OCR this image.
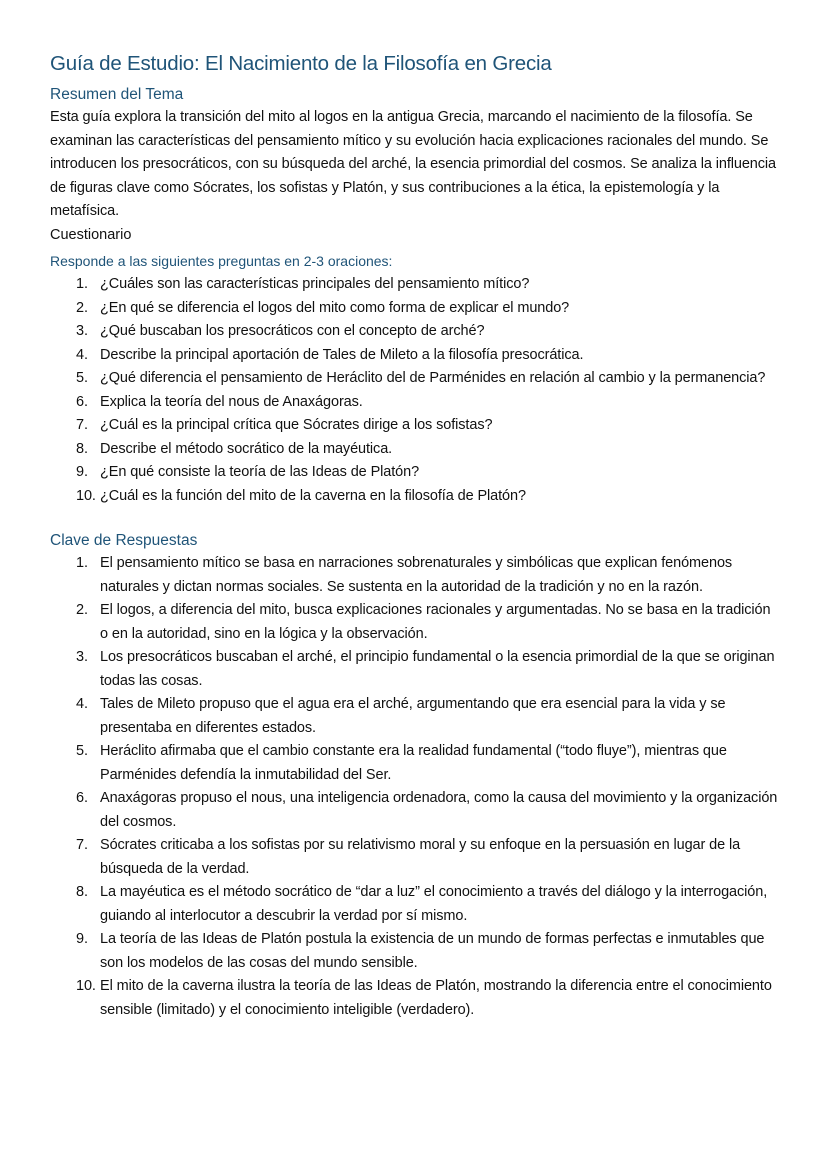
Guía de Estudio: El Nacimiento de la Filosofía en Grecia
Resumen del Tema

Esta guía explora la transición del mito al logos en la antigua Grecia, marcando el nacimiento de la filosofía. Se examinan las características del pensamiento mítico y su evolución hacia explicaciones racionales del mundo. Se introducen los presocráticos, con su búsqueda del arché, la esencia primordial del cosmos. Se analiza la influencia de figuras clave como Sócrates, los sofistas y Platón, y sus contribuciones a la ética, la epistemología y la metafísica.

Cuestionario

Responde a las siguientes preguntas en 2-3 oraciones:

1. ¿Cuáles son las características principales del pensamiento mítico?
2. ¿En qué se diferencia el logos del mito como forma de explicar el mundo?
3. ¿Qué buscaban los presocráticos con el concepto de arché?
4. Describe la principal aportación de Tales de Mileto a la filosofía presocrática.
5. ¿Qué diferencia el pensamiento de Heráclito del de Parménides en relación al cambio y la permanencia?
6. Explica la teoría del nous de Anaxágoras.
7. ¿Cuál es la principal crítica que Sócrates dirige a los sofistas?
8. Describe el método socrático de la mayéutica.
9. ¿En qué consiste la teoría de las Ideas de Platón?
10. ¿Cuál es la función del mito de la caverna en la filosofía de Platón?
Clave de Respuestas
1. El pensamiento mítico se basa en narraciones sobrenaturales y simbólicas que explican fenómenos naturales y dictan normas sociales. Se sustenta en la autoridad de la tradición y no en la razón.
2. El logos, a diferencia del mito, busca explicaciones racionales y argumentadas. No se basa en la tradición o en la autoridad, sino en la lógica y la observación.
3. Los presocráticos buscaban el arché, el principio fundamental o la esencia primordial de la que se originan todas las cosas.
4. Tales de Mileto propuso que el agua era el arché, argumentando que era esencial para la vida y se presentaba en diferentes estados.
5. Heráclito afirmaba que el cambio constante era la realidad fundamental (“todo fluye”), mientras que Parménides defendía la inmutabilidad del Ser.
6. Anaxágoras propuso el nous, una inteligencia ordenadora, como la causa del movimiento y la organización del cosmos.
7. Sócrates criticaba a los sofistas por su relativismo moral y su enfoque en la persuasión en lugar de la búsqueda de la verdad.
8. La mayéutica es el método socrático de “dar a luz” el conocimiento a través del diálogo y la interrogación, guiando al interlocutor a descubrir la verdad por sí mismo.
9. La teoría de las Ideas de Platón postula la existencia de un mundo de formas perfectas e inmutables que son los modelos de las cosas del mundo sensible.
10. El mito de la caverna ilustra la teoría de las Ideas de Platón, mostrando la diferencia entre el conocimiento sensible (limitado) y el conocimiento inteligible (verdadero).
